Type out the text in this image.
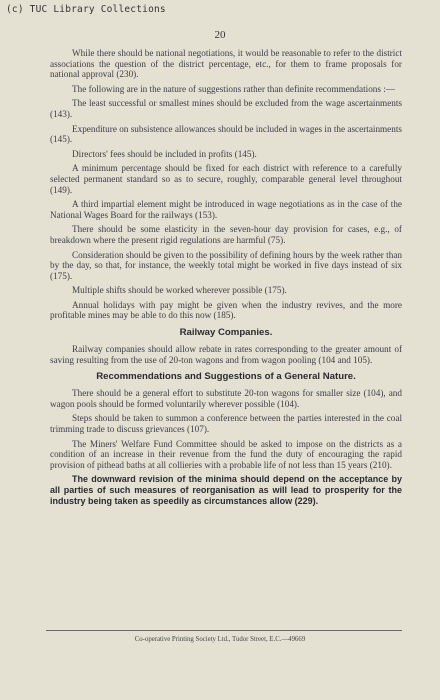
(c) TUC Library Collections
20

While there should be national negotiations, it would be reasonable to refer to the district associations the question of the district percentage, etc., for them to frame proposals for national approval (230).

The following are in the nature of suggestions rather than definite recommendations :—

The least successful or smallest mines should be excluded from the wage ascertainments (143).

Expenditure on subsistence allowances should be included in wages in the ascertainments (145).

Directors' fees should be included in profits (145).

A minimum percentage should be fixed for each district with reference to a carefully selected permanent standard so as to secure, roughly, comparable general level throughout (149).

A third impartial element might be introduced in wage negotiations as in the case of the National Wages Board for the railways (153).

There should be some elasticity in the seven-hour day provision for cases, e.g., of breakdown where the present rigid regulations are harmful (75).

Consideration should be given to the possibility of defining hours by the week rather than by the day, so that, for instance, the weekly total might be worked in five days instead of six (175).

Multiple shifts should be worked wherever possible (175).

Annual holidays with pay might be given when the industry revives, and the more profitable mines may be able to do this now (185).

Railway Companies.

Railway companies should allow rebate in rates corresponding to the greater amount of saving resulting from the use of 20-ton wagons and from wagon pooling (104 and 105).

Recommendations and Suggestions of a General Nature.

There should be a general effort to substitute 20-ton wagons for smaller size (104), and wagon pools should be formed voluntarily wherever possible (104).

Steps should be taken to summon a conference between the parties interested in the coal trimming trade to discuss grievances (107).

The Miners' Welfare Fund Committee should be asked to impose on the districts as a condition of an increase in their revenue from the fund the duty of encouraging the rapid provision of pithead baths at all collieries with a probable life of not less than 15 years (210).

The downward revision of the minima should depend on the acceptance by all parties of such measures of reorganisation as will lead to prosperity for the industry being taken as speedily as circumstances allow (229).

Co-operative Printing Society Ltd., Tudor Street, E.C.—49669
